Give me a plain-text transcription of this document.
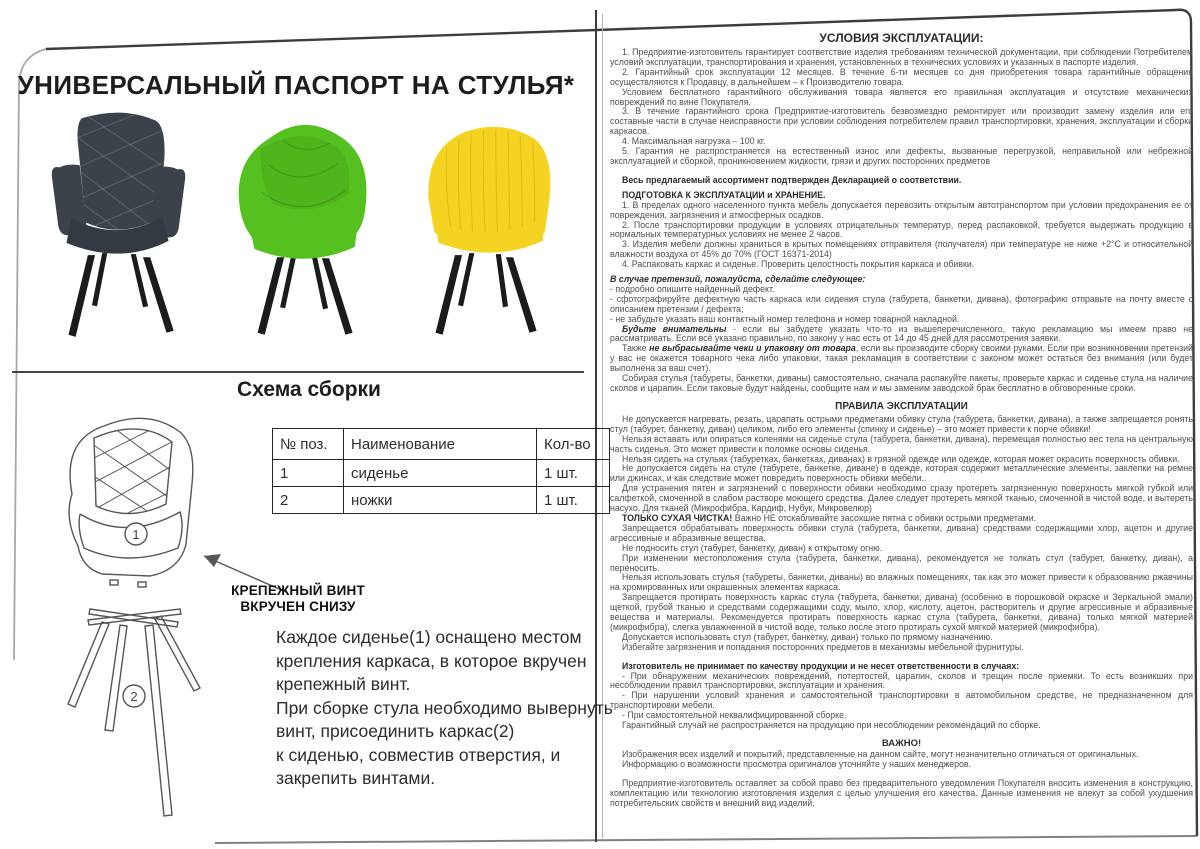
УНИВЕРСАЛЬНЫЙ ПАСПОРТ НА СТУЛЬЯ*
Схема сборки
1
2
№ поз.	Наименование	Кол-во
1	сиденье	1 шт.
2	ножки	1 шт.
КРЕПЕЖНЫЙ ВИНТ
ВКРУЧЕН СНИЗУ
Каждое сиденье(1) оснащено местом
крепления каркаса, в которое вкручен
крепежный винт.
При сборке стула необходимо вывернуть
винт, присоединить каркас(2)
к сиденью, совместив отверстия, и
закрепить винтами.
УСЛОВИЯ ЭКСПЛУАТАЦИИ:
1. Предприятие-изготовитель гарантирует соответствие изделия требованиям технической документации, при соблюдении Потребителем условий эксплуатации, транспортирования и хранения, установленных в технических условиях и указанных в паспорте изделия.
2. Гарантийный срок эксплуатации 12 месяцев. В течение 6-ти месяцев со дня приобретения товара гарантийные обращения осуществляются к Продавцу, в дальнейшем – к Производителю товара.
Условием бесплатного гарантийного обслуживания товара является его правильная эксплуатация и отсутствие механических повреждений по вине Покупателя.
3. В течение гарантийного срока Предприятие-изготовитель безвозмездно ремонтирует или производит замену изделия или его составные части в случае неисправности при условии соблюдения потребителем правил транспортировки, хранения, эксплуатации и сборки каркасов.
4. Максимальная нагрузка – 100 кг.
5. Гарантия не распространяется на естественный износ или дефекты, вызванные перегрузкой, неправильной или небрежной эксплуатацией и сборкой, проникновением жидкости, грязи и других посторонних предметов
Весь предлагаемый ассортимент подтвержден Декларацией о соответствии.
ПОДГОТОВКА К ЭКСПЛУАТАЦИИ и ХРАНЕНИЕ.
1. В пределах одного населенного пункта мебель допускается перевозить открытым автотранспортом при условии предохранения ее от повреждения, загрязнения и атмосферных осадков.
2. После транспортировки продукции в условиях отрицательных температур, перед распаковкой, требуется выдержать продукцию в нормальных температурных условиях не менее 2 часов.
3. Изделия мебели должны храниться в крытых помещениях отправителя (получателя) при температуре не ниже +2°С и относительной влажности воздуха от 45% до 70% (ГОСТ 16371-2014)
4. Распаковать каркас и сиденье. Проверить целостность покрытия каркаса и обивки.
В случае претензий, пожалуйста, сделайте следующее:
- подробно опишите найденный дефект.
- сфотографируйте дефектную часть каркаса или сидения стула (табурета, банкетки, дивана), фотографию отправьте на почту вместе с описанием претензии / дефекта;
- не забудьте указать ваш контактный номер телефона и номер товарной накладной.
Будьте внимательны - если вы забудете указать что-то из вышеперечисленного, такую рекламацию мы имеем право не рассматривать. Если всё указано правильно, по закону у нас есть от 14 до 45 дней для рассмотрения заявки.
Также не выбрасывайте чеки и упаковку от товара, если вы производите сборку своими руками. Если при возникновении претензий у вас не окажется товарного чека либо упаковки, такая рекламация в соответствии с законом может остаться без внимания (или будет выполнена за ваш счет).
Собирая стулья (табуреты, банкетки, диваны) самостоятельно, сначала распакуйте пакеты, проверьте каркас и сиденье стула на наличие сколов и царапин. Если таковые будут найдены, сообщите нам и мы заменим заводской брак бесплатно в обговоренные сроки.
ПРАВИЛА ЭКСПЛУАТАЦИИ
Не допускается нагревать, резать, царапать острыми предметами обивку стула (табурета, банкетки, дивана), а также запрещается ронять стул (табурет, банкетку, диван) целиком, либо его элементы (спинку и сиденье) – это может привести к порче обивки!
Нельзя вставать или опираться коленями на сиденье стула (табурета, банкетки, дивана), перемещая полностью вес тела на центральную часть сиденья. Это может привести к поломке основы сиденья.
Нельзя сидеть на стульях (табуретках, банкетках, диванах) в грязной одежде или одежде, которая может окрасить поверхность обивки.
Не допускается сидеть на стуле (табурете, банкетке, диване) в одежде, которая содержит металлические элементы, заклепки на ремне или джинсах, и как следствие может повредить поверхность обивки мебели..
Для устранения пятен и загрязнений с поверхности обивки необходимо сразу протереть загрязненную поверхность мягкой губкой или салфеткой, смоченной в слабом растворе моющего средства. Далее следует протереть мягкой тканью, смоченной в чистой воде, и вытереть насухо. Для тканей (Микрофибра, Кардиф, Нубук, Микровелюр)
ТОЛЬКО СУХАЯ ЧИСТКА! Важно НЕ отскабливайте засохшие пятна с обивки острыми предметами.
Запрещается обрабатывать поверхность обивки стула (табурета, банкетки, дивана) средствами содержащими хлор, ацетон и другие агрессивные и абразивные вещества.
Не подносить стул (табурет, банкетку, диван) к открытому огню.
При изменении местоположения стула (табурета, банкетки, дивана), рекомендуется не толкать стул (табурет, банкетку, диван), а переносить.
Нельзя использовать стулья (табуреты, банкетки, диваны) во влажных помещениях, так как это может привести к образованию ржавчины на хромированных или окрашенных элементах каркаса.
Запрещается протирать поверхность каркас стула (табурета, банкетки, дивана) (особенно в порошковой окраске и Зеркальной эмали) щеткой, грубой тканью и средствами содержащими соду, мыло, хлор, кислоту, ацетон, растворитель и другие агрессивные и абразивные вещества и материалы. Рекомендуется протирать поверхность каркас стула (табурета, банкетки, дивана) только мягкой материей (микрофибра), слегка увлажненной в чистой воде, только после этого протирать сухой мягкой материей (микрофибра).
Допускается использовать стул (табурет, банкетку, диван) только по прямому назначению.
Избегайте загрязнения и попадания посторонних предметов в механизмы мебельной фурнитуры.
Изготовитель не принимает по качеству продукции и не несет ответственности в случаях:
- При обнаружении механических повреждений, потертостей, царапин, сколов и трещин после приемки. То есть возникших при несоблюдении правил транспортировки, эксплуатации и хранения.
- При нарушении условий хранения и самостоятельной транспортировки в автомобильном средстве, не предназначенном для транспортировки мебели.
- При самостоятельной неквалифицированной сборке.
Гарантийный случай не распространяется на продукцию при несоблюдении рекомендаций по сборке.
ВАЖНО!
Изображения всех изделий и покрытий, представленные на данном сайте, могут незначительно отличаться от оригинальных.
Информацию о возможности просмотра оригиналов уточняйте у наших менеджеров.
Предприятие-изготовитель оставляет за собой право без предварительного уведомления Покупателя вносить изменения в конструкцию, комплектацию или технологию изготовления изделия с целью улучшения его качества. Данные изменения не влекут за собой ухудшения потребительских свойств и внешний вид изделий.
